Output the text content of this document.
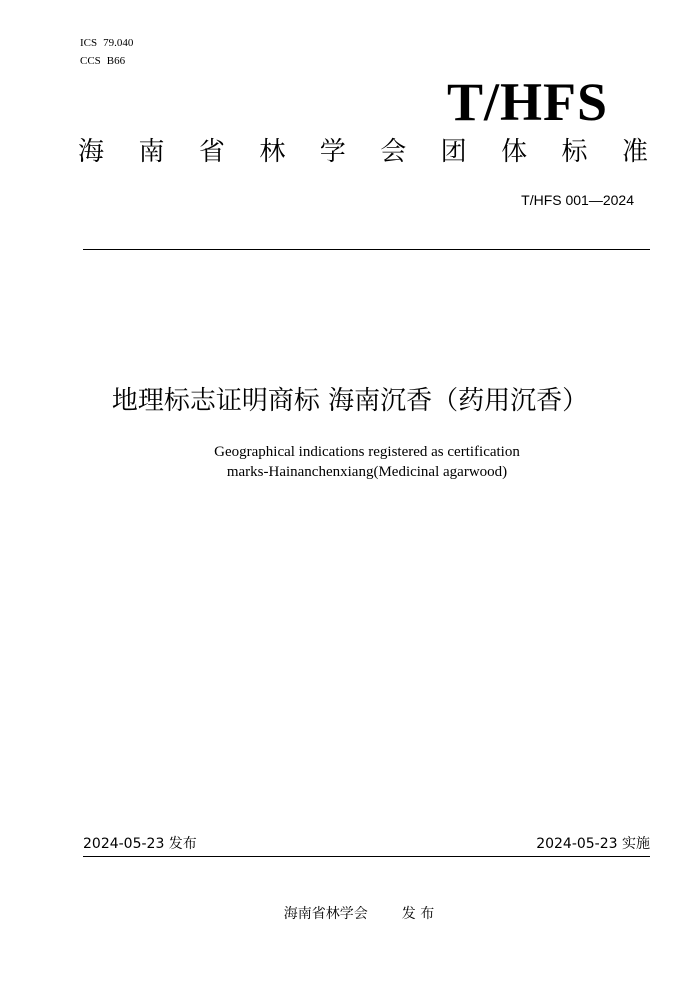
ICS 79.040
CCS B66
T/HFS
海 南 省 林 学 会 团 体 标 准
T/HFS 001—2024
地理标志证明商标 海南沉香（药用沉香）
Geographical indications registered as certification
marks-Hainanchenxiang(Medicinal agarwood)
2024-05-23 发布	2024-05-23 实施
海南省林学会 发 布
